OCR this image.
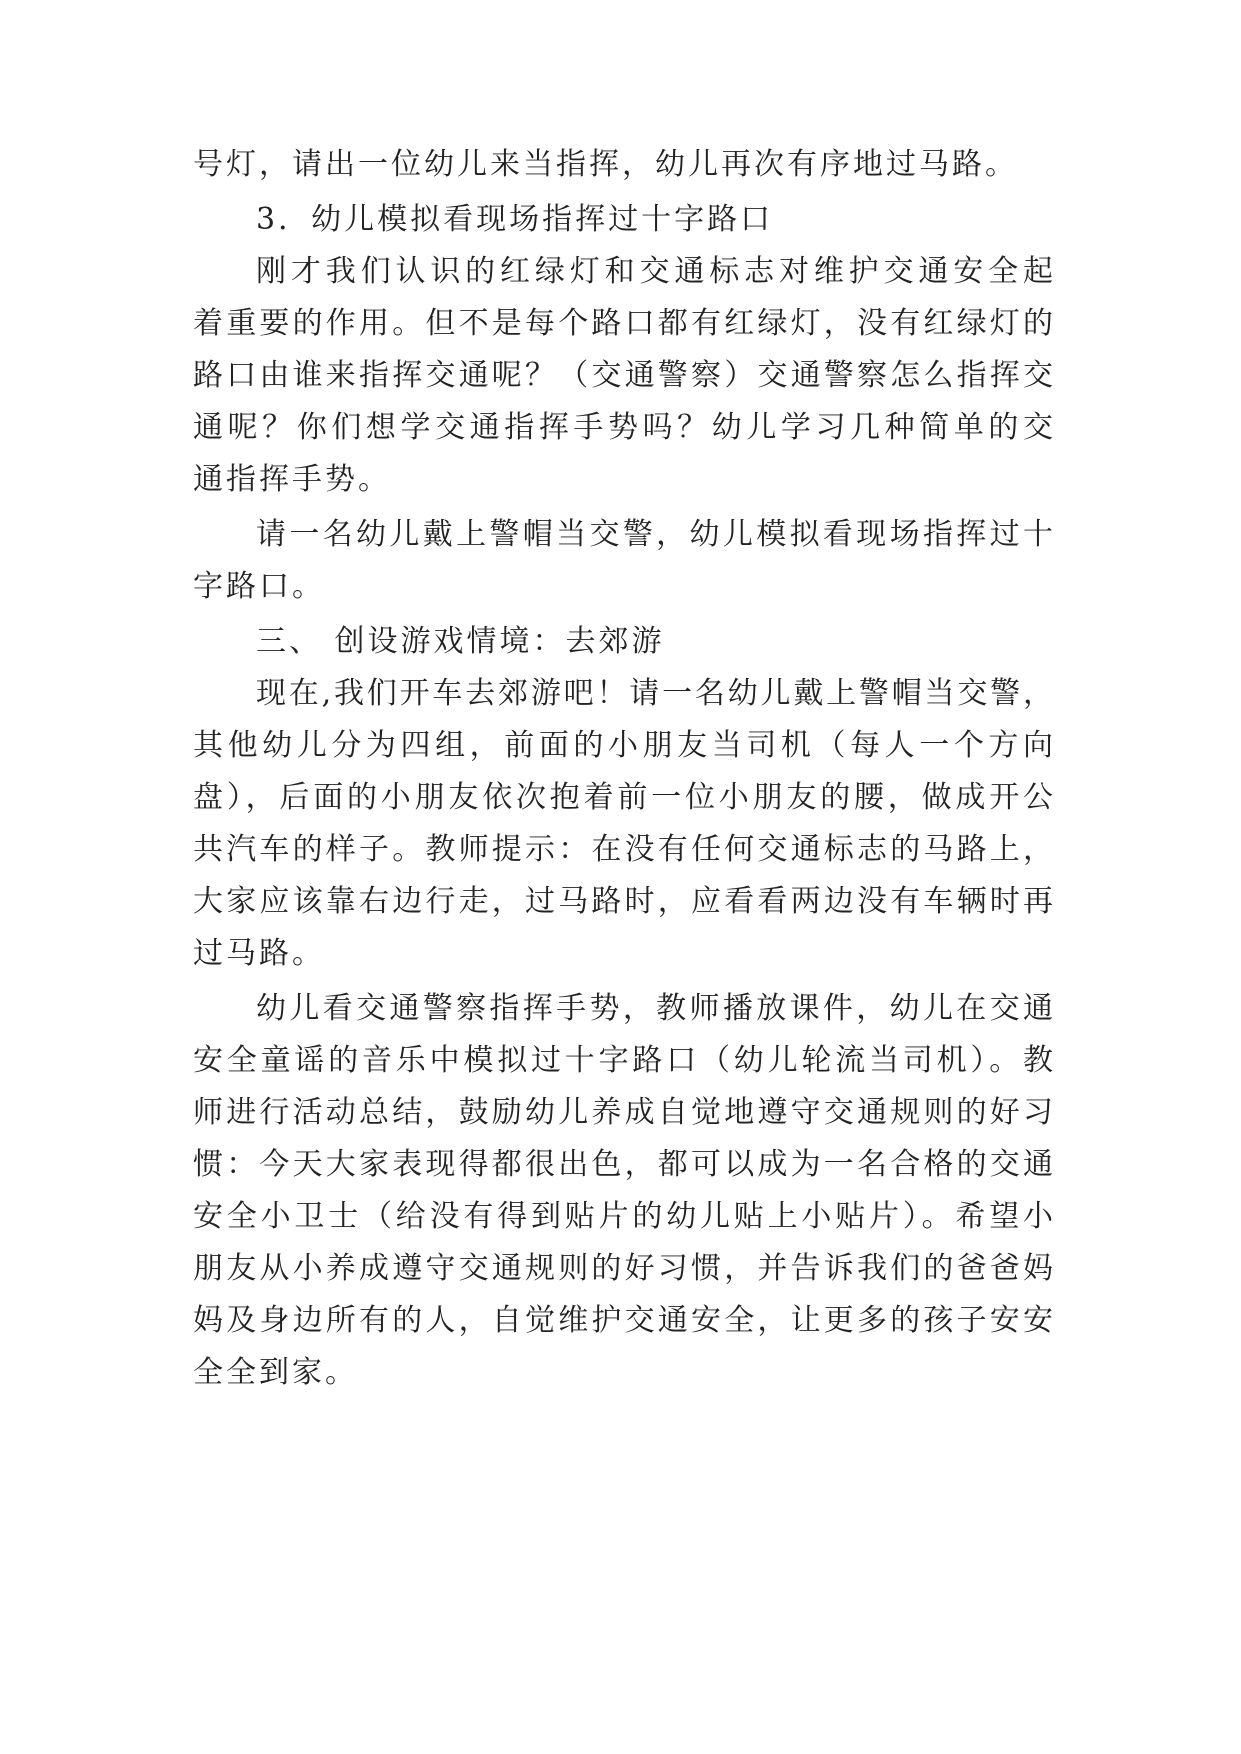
号灯，请出一位幼儿来当指挥，幼儿再次有序地过马路。
3．幼儿模拟看现场指挥过十字路口
刚才我们认识的红绿灯和交通标志对维护交通安全起
着重要的作用。但不是每个路口都有红绿灯，没有红绿灯的
路口由谁来指挥交通呢？（交通警察）交通警察怎么指挥交
通呢？你们想学交通指挥手势吗？幼儿学习几种简单的交
通指挥手势。
请一名幼儿戴上警帽当交警，幼儿模拟看现场指挥过十
字路口。
三、 创设游戏情境：去郊游
现在,我们开车去郊游吧！请一名幼儿戴上警帽当交警，
其他幼儿分为四组，前面的小朋友当司机（每人一个方向
盘），后面的小朋友依次抱着前一位小朋友的腰，做成开公
共汽车的样子。教师提示：在没有任何交通标志的马路上，
大家应该靠右边行走，过马路时，应看看两边没有车辆时再
过马路。
幼儿看交通警察指挥手势，教师播放课件，幼儿在交通
安全童谣的音乐中模拟过十字路口（幼儿轮流当司机）。教
师进行活动总结，鼓励幼儿养成自觉地遵守交通规则的好习
惯：今天大家表现得都很出色，都可以成为一名合格的交通
安全小卫士（给没有得到贴片的幼儿贴上小贴片）。希望小
朋友从小养成遵守交通规则的好习惯，并告诉我们的爸爸妈
妈及身边所有的人，自觉维护交通安全，让更多的孩子安安
全全到家。
